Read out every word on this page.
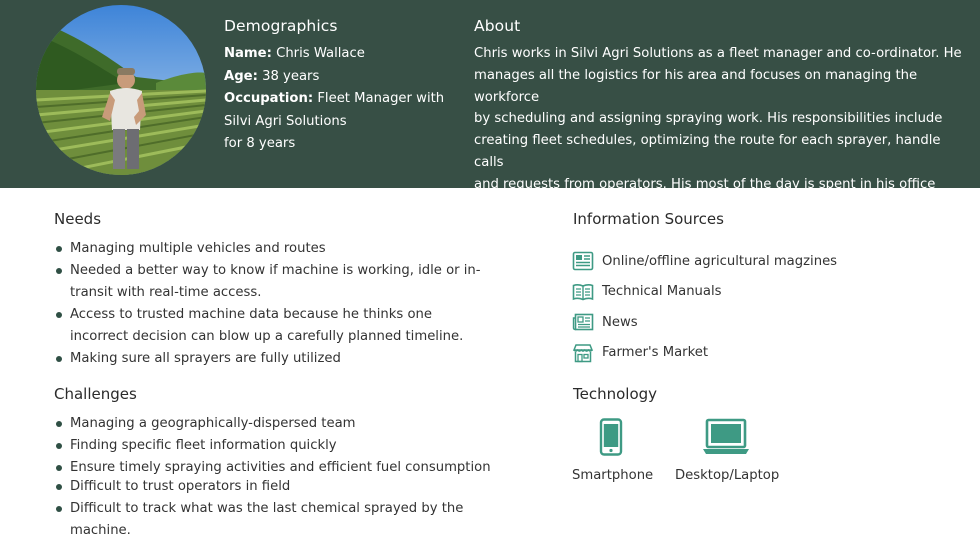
Demographics

Name: Chris Wallace

Age: 38 years

Occupation: Fleet Manager with

Silvi Agri Solutions

for 8 years

About

Chris works in Silvi Agri Solutions as a fleet manager and co-ordinator. He

manages all the logistics for his area and focuses on managing the workforce

by scheduling and assigning spraying work. His responsibilities include

creating fleet schedules, optimizing the route for each sprayer, handle calls

and requests from operators. His most of the day is spent in his office

overseeing and coordinating the spraying operations and fleet monitoring.

Needs
Managing multiple vehicles and routes
Needed a better way to know if machine is working, idle or in-transit with real-time access.
Access to trusted machine data because he thinks one incorrect decision can blow up a carefully planned timeline.
Making sure all sprayers are fully utilized
Challenges
Managing a geographically-dispersed team
Finding specific fleet information quickly
Ensure timely spraying activities and efficient fuel consumption
Difficult to trust operators in field
Difficult to track what was the last chemical sprayed by the machine.
Information Sources
Online/offline agricultural magzines
Technical Manuals
News
Farmer's Market
Technology
Smartphone Desktop/Laptop
